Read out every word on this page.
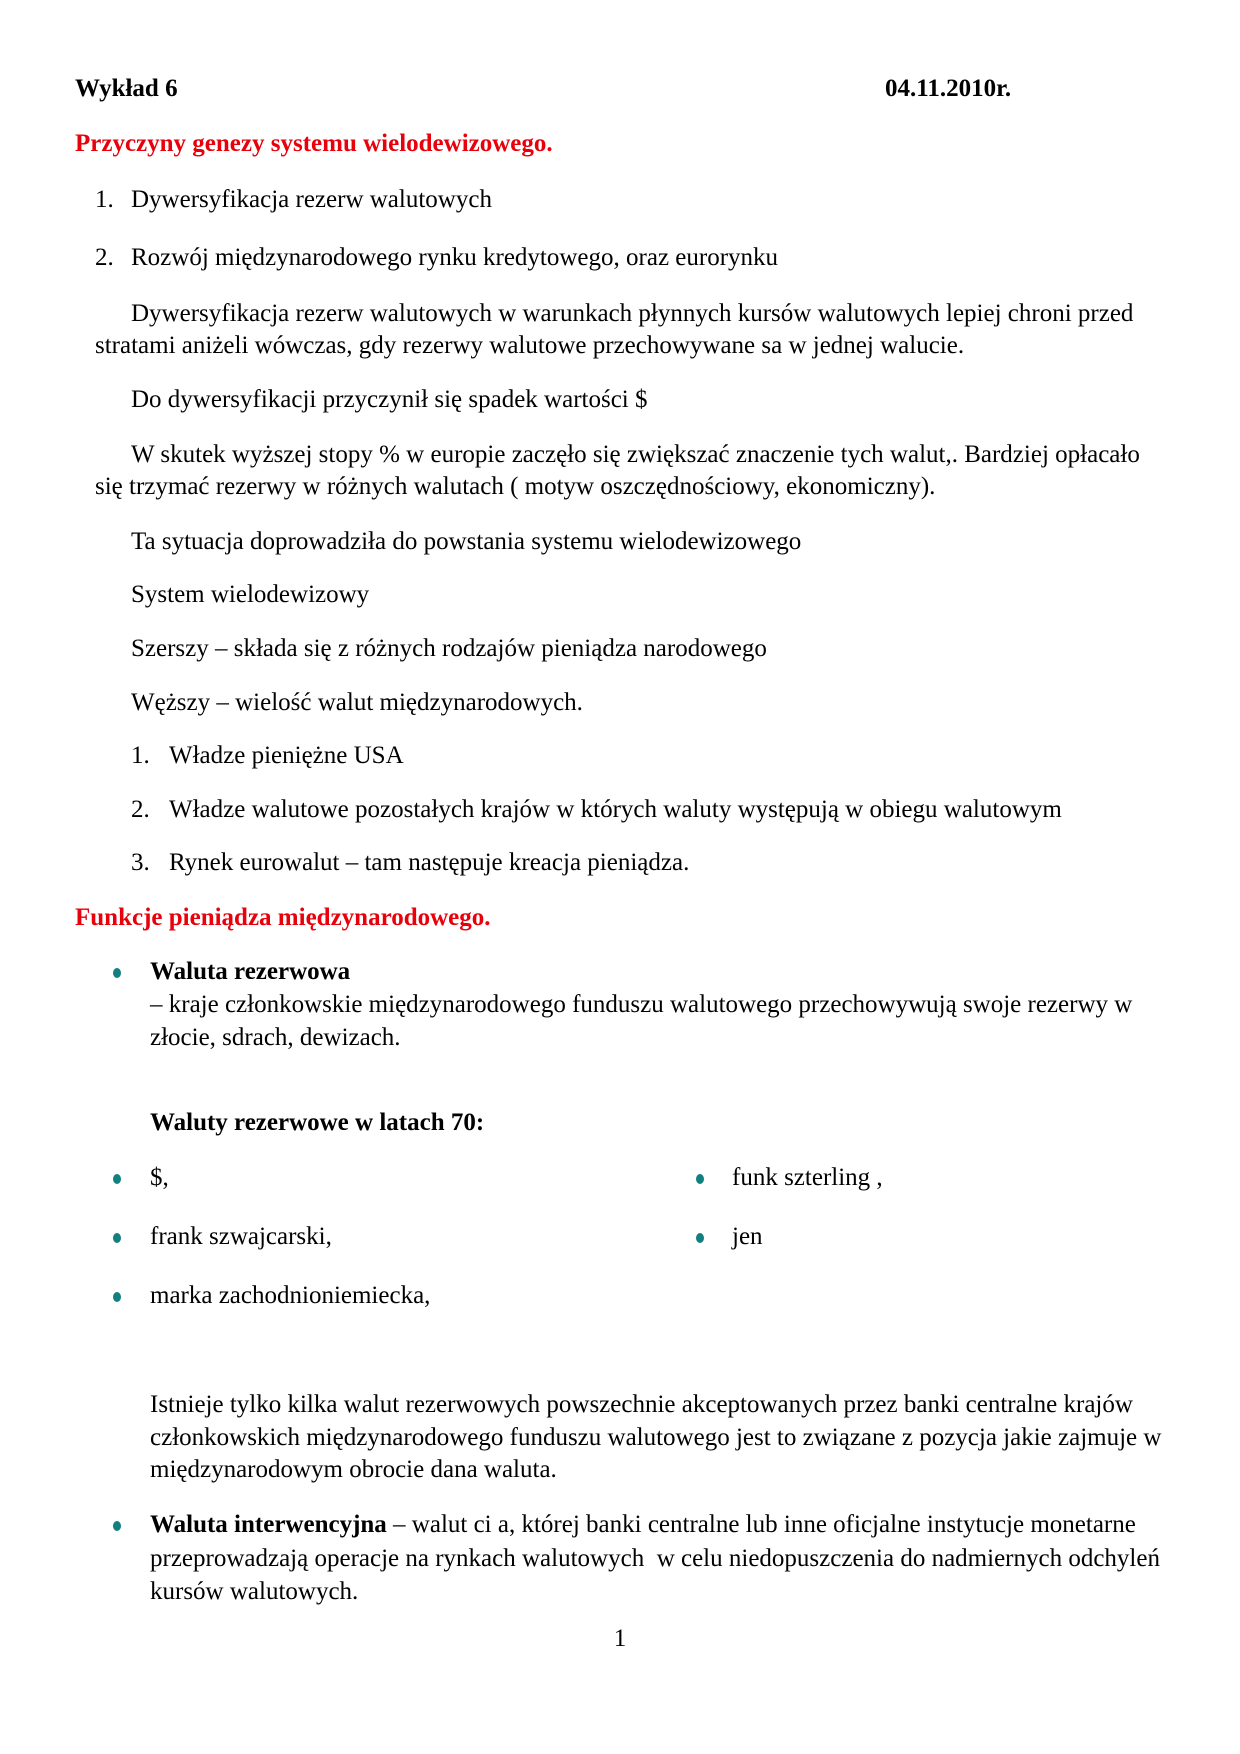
Wykład 6	04.11.2010r.
Przyczyny genezy systemu wielodewizowego.
1. Dywersyfikacja rezerw walutowych
2. Rozwój międzynarodowego rynku kredytowego, oraz eurorynku
Dywersyfikacja rezerw walutowych w warunkach płynnych kursów walutowych lepiej chroni przed
stratami aniżeli wówczas, gdy rezerwy walutowe przechowywane sa w jednej walucie.
Do dywersyfikacji przyczynił się spadek wartości $
W skutek wyższej stopy % w europie zaczęło się zwiększać znaczenie tych walut,. Bardziej opłacało
się trzymać rezerwy w różnych walutach ( motyw oszczędnościowy, ekonomiczny).
Ta sytuacja doprowadziła do powstania systemu wielodewizowego
System wielodewizowy
Szerszy – składa się z różnych rodzajów pieniądza narodowego
Węższy – wielość walut międzynarodowych.
1. Władze pieniężne USA
2. Władze walutowe pozostałych krajów w których waluty występują w obiegu walutowym
3. Rynek eurowalut – tam następuje kreacja pieniądza.
Funkcje pieniądza międzynarodowego.
Waluta rezerwowa
– kraje członkowskie międzynarodowego funduszu walutowego przechowywują swoje rezerwy w
złocie, sdrach, dewizach.
Waluty rezerwowe w latach 70:
$,
frank szwajcarski,
marka zachodnioniemiecka,
funk szterling ,
jen
Istnieje tylko kilka walut rezerwowych powszechnie akceptowanych przez banki centralne krajów
członkowskich międzynarodowego funduszu walutowego jest to związane z pozycja jakie zajmuje w
międzynarodowym obrocie dana waluta.
Waluta interwencyjna – walut ci a, której banki centralne lub inne oficjalne instytucje monetarne
przeprowadzają operacje na rynkach walutowych  w celu niedopuszczenia do nadmiernych odchyleń
kursów walutowych.
1
